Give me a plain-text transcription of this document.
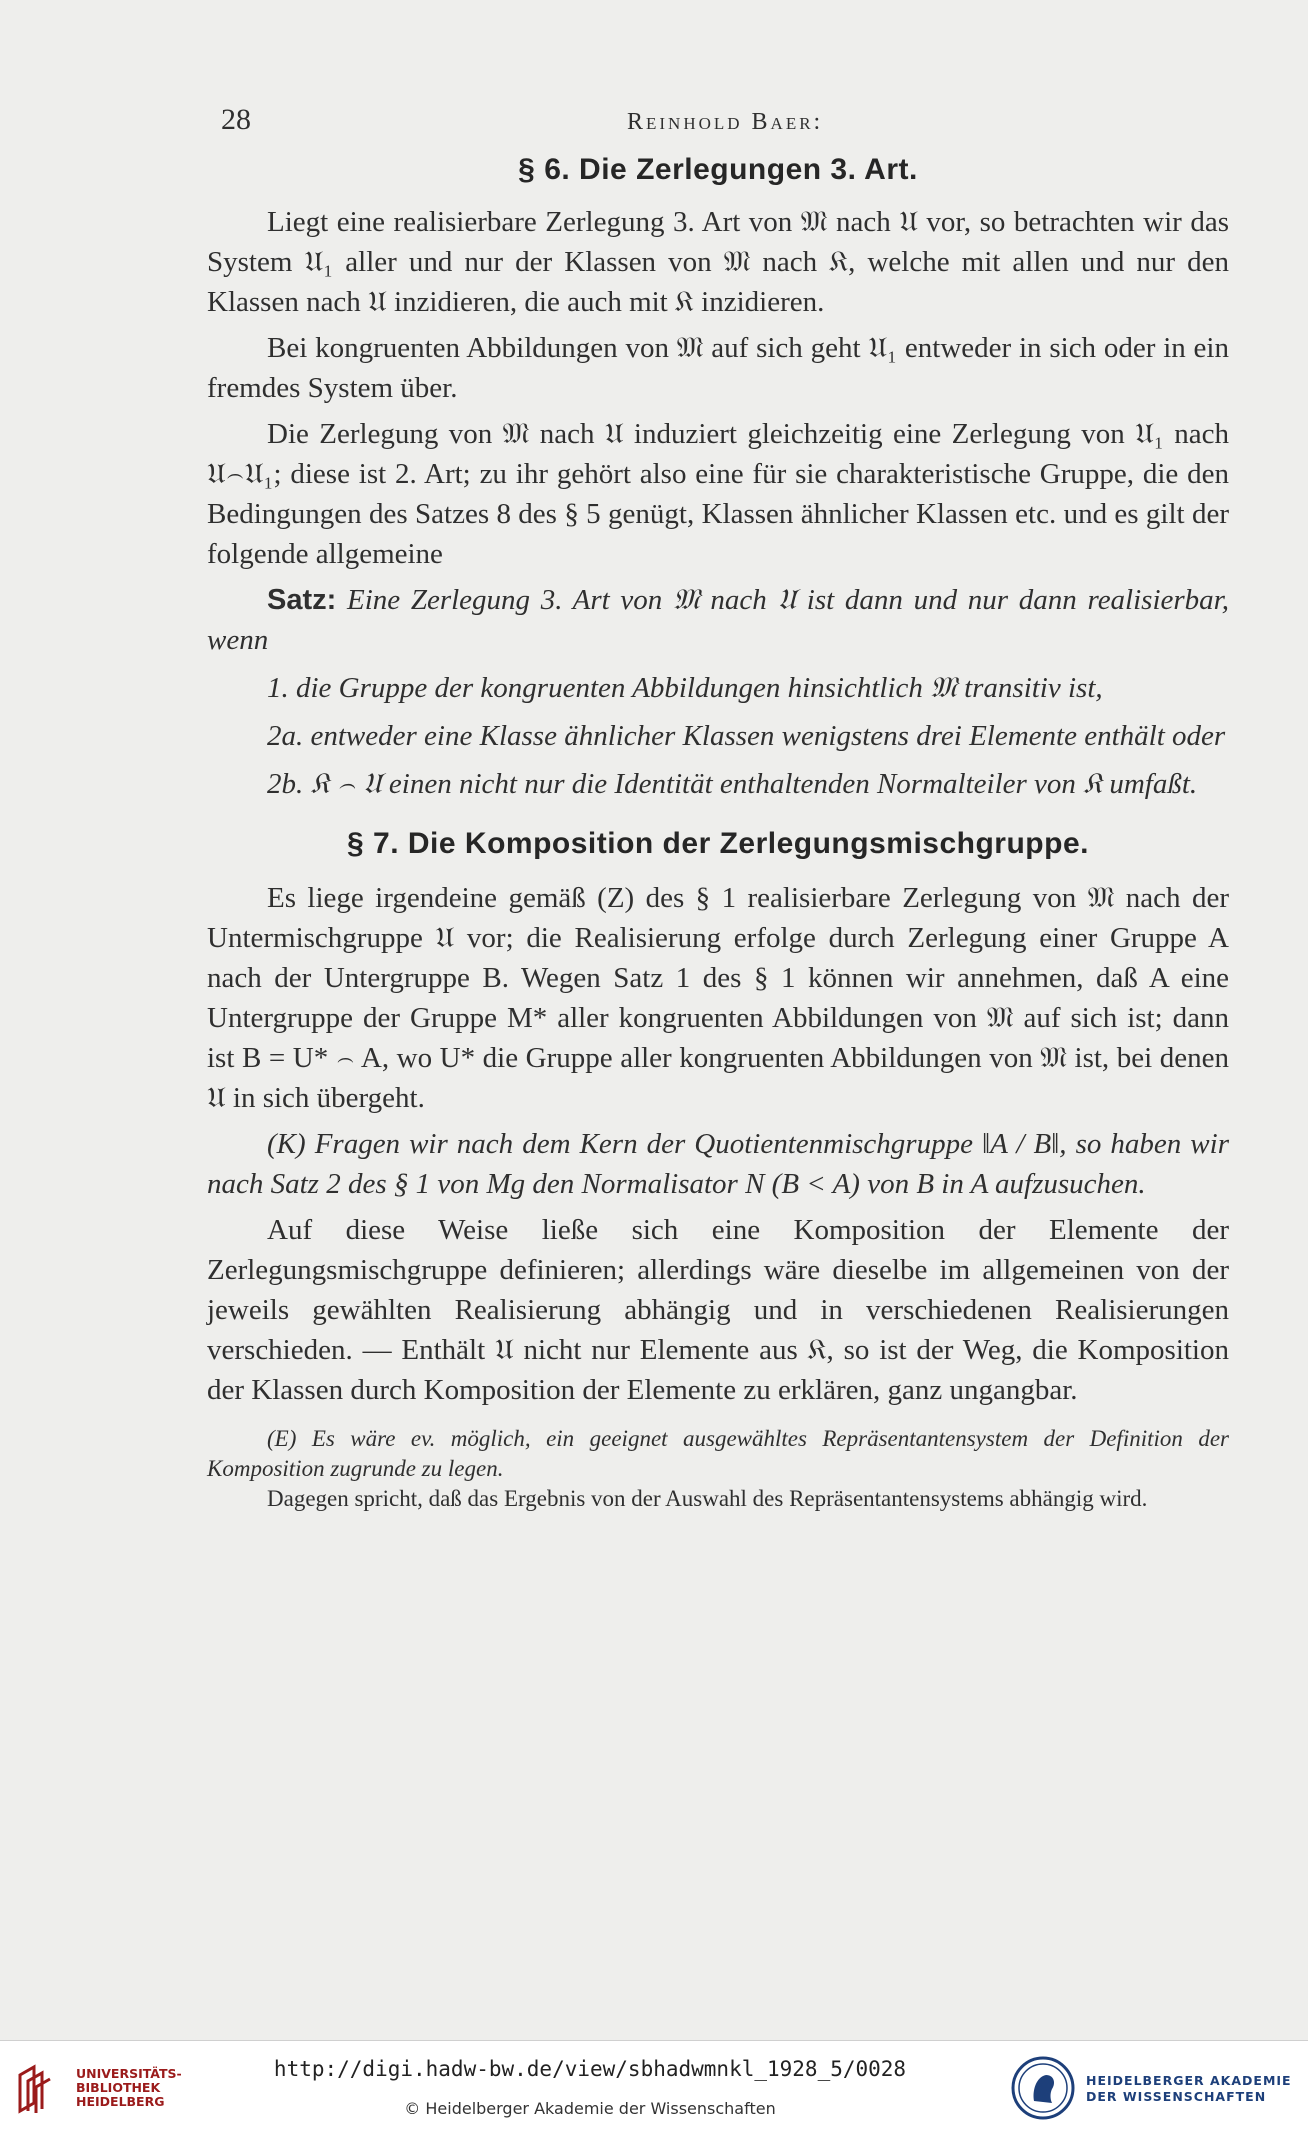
28	Reinhold Baer:
§ 6. Die Zerlegungen 3. Art.

Liegt eine realisierbare Zerlegung 3. Art von 𝔐 nach 𝔘 vor, so betrachten wir das System 𝔘₁ aller und nur der Klassen von 𝔐 nach 𝔎, welche mit allen und nur den Klassen nach 𝔘 inzidieren, die auch mit 𝔎 inzidieren.

Bei kongruenten Abbildungen von 𝔐 auf sich geht 𝔘₁ entweder in sich oder in ein fremdes System über.

Die Zerlegung von 𝔐 nach 𝔘 induziert gleichzeitig eine Zerlegung von 𝔘₁ nach 𝔘⌢𝔘₁; diese ist 2. Art; zu ihr gehört also eine für sie charakteristische Gruppe, die den Bedingungen des Satzes 8 des § 5 genügt, Klassen ähnlicher Klassen etc. und es gilt der folgende allgemeine

Satz: Eine Zerlegung 3. Art von 𝔐 nach 𝔘 ist dann und nur dann realisierbar, wenn

1. die Gruppe der kongruenten Abbildungen hinsichtlich 𝔐 transitiv ist,

2a. entweder eine Klasse ähnlicher Klassen wenigstens drei Elemente enthält oder

2b. 𝔎 ⌢ 𝔘 einen nicht nur die Identität enthaltenden Normalteiler von 𝔎 umfaßt.

§ 7. Die Komposition der Zerlegungsmischgruppe.

Es liege irgendeine gemäß (Z) des § 1 realisierbare Zerlegung von 𝔐 nach der Untermischgruppe 𝔘 vor; die Realisierung erfolge durch Zerlegung einer Gruppe A nach der Untergruppe B. Wegen Satz 1 des § 1 können wir annehmen, daß A eine Untergruppe der Gruppe M* aller kongruenten Abbildungen von 𝔐 auf sich ist; dann ist B = U* ⌢ A, wo U* die Gruppe aller kongruenten Abbildungen von 𝔐 ist, bei denen 𝔘 in sich übergeht.

(K) Fragen wir nach dem Kern der Quotientenmischgruppe ‖A / B‖, so haben wir nach Satz 2 des § 1 von Mg den Normalisator N (B < A) von B in A aufzusuchen.

Auf diese Weise ließe sich eine Komposition der Elemente der Zerlegungsmischgruppe definieren; allerdings wäre dieselbe im allgemeinen von der jeweils gewählten Realisierung abhängig und in verschiedenen Realisierungen verschieden. — Enthält 𝔘 nicht nur Elemente aus 𝔎, so ist der Weg, die Komposition der Klassen durch Komposition der Elemente zu erklären, ganz ungangbar.

(E) Es wäre ev. möglich, ein geeignet ausgewähltes Repräsentantensystem der Definition der Komposition zugrunde zu legen.

Dagegen spricht, daß das Ergebnis von der Auswahl des Repräsentantensystems abhängig wird.

UNIVERSITÄTS-
BIBLIOTHEK
HEIDELBERG
http://digi.hadw-bw.de/view/sbhadwmnkl_1928_5/0028
© Heidelberger Akademie der Wissenschaften
HEIDELBERGER AKADEMIE
DER WISSENSCHAFTEN
